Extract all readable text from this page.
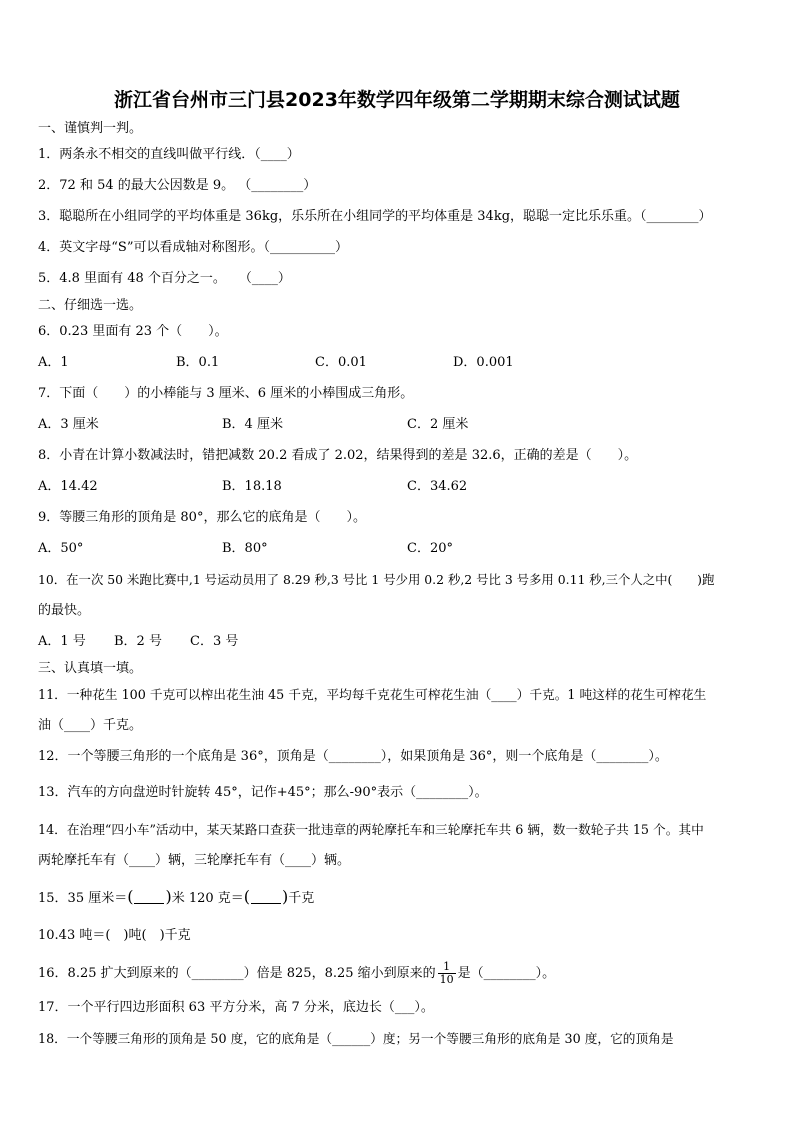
浙江省台州市三门县2023年数学四年级第二学期期末综合测试试题
一、谨慎判一判。
1．两条永不相交的直线叫做平行线．（____）
2．72 和 54 的最大公因数是 9。 （________）
3．聪聪所在小组同学的平均体重是 36kg，乐乐所在小组同学的平均体重是 34kg，聪聪一定比乐乐重。（________）
4．英文字母“S”可以看成轴对称图形。（__________）
5．4.8 里面有 48 个百分之一。　　（____）
二、仔细选一选。
6．0.23 里面有 23 个（　　）。
A．1	B．0.1	C．0.01	D．0.001
7．下面（　　）的小棒能与 3 厘米、6 厘米的小棒围成三角形。
A．3 厘米	B．4 厘米	C．2 厘米
8．小青在计算小数减法时，错把减数 20.2 看成了 2.02，结果得到的差是 32.6，正确的差是（　　）。
A．14.42	B．18.18	C．34.62
9．等腰三角形的顶角是 80°，那么它的底角是（　　）。
A．50°	B．80°	C．20°
10．在一次 50 米跑比赛中,1 号运动员用了 8.29 秒,3 号比 1 号少用 0.2 秒,2 号比 3 号多用 0.11 秒,三个人之中(　　)跑
的最快。
A．1 号 B．2 号 C．3 号
三、认真填一填。
11．一种花生 100 千克可以榨出花生油 45 千克，平均每千克花生可榨花生油（____）千克。1 吨这样的花生可榨花生
油（____）千克。
12．一个等腰三角形的一个底角是 36°，顶角是（________），如果顶角是 36°，则一个底角是（________）。
13．汽车的方向盘逆时针旋转 45°，记作+45°；那么-90°表示（________）。
14．在治理“四小车”活动中，某天某路口查获一批违章的两轮摩托车和三轮摩托车共 6 辆，数一数轮子共 15 个。其中
两轮摩托车有（____）辆，三轮摩托车有（____）辆。
15．35 厘米＝( )米 120 克＝( )千克
10.43 吨＝(　)吨(　)千克
16．8.25 扩大到原来的（________）倍是 825，8.25 缩小到原来的 $\frac{1}{10}$ 是（________）。
17．一个平行四边形面积 63 平方分米，高 7 分米，底边长（___）。
18．一个等腰三角形的顶角是 50 度，它的底角是（______）度；另一个等腰三角形的底角是 30 度，它的顶角是
